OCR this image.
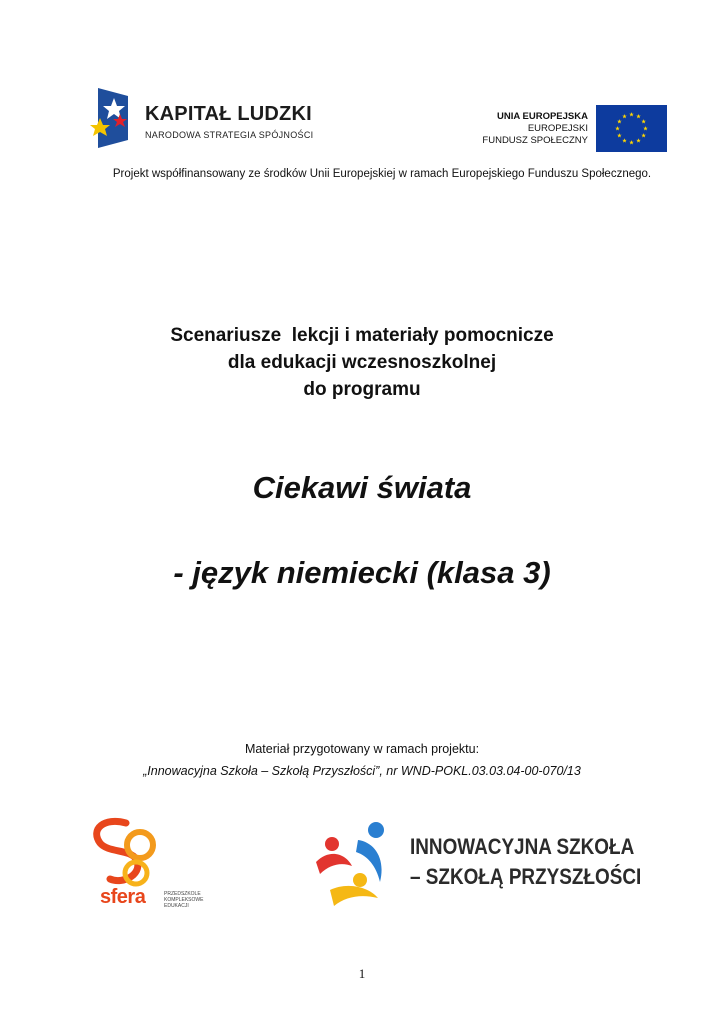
KAPITAŁ LUDZKI
NARODOWA STRATEGIA SPÓJNOŚCI
UNIA EUROPEJSKA
EUROPEJSKI
FUNDUSZ SPOŁECZNY
Projekt współfinansowany ze środków Unii Europejskiej w ramach Europejskiego Funduszu Społecznego.
Scenariusze  lekcji i materiały pomocnicze
dla edukacji wczesnoszkolnej
do programu
Ciekawi świata
- język niemiecki (klasa 3)
Materiał przygotowany w ramach projektu:
„Innowacyjna Szkoła – Szkołą Przyszłości”, nr WND-POKL.03.03.04-00-070/13
sfera	PRZEDSZKOLE KOMPLEKSOWE EDUKACJI
INNOWACYJNA SZKOŁA
– SZKOŁĄ PRZYSZŁOŚCI
1
